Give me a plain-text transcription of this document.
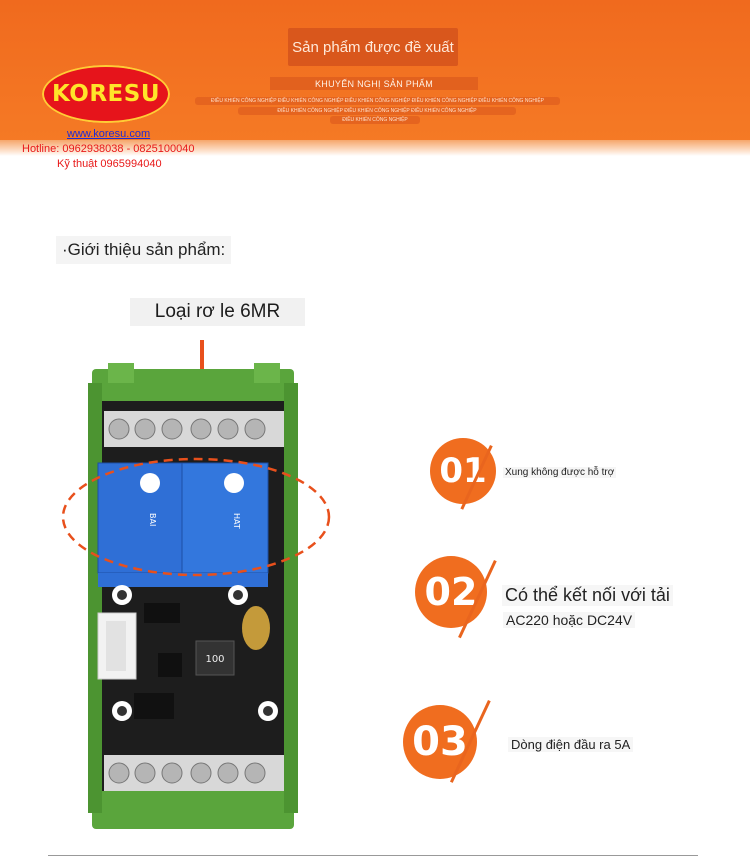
Sản phẩm được đề xuất
KHUYẾN NGHỊ SẢN PHẨM
ĐIỀU KHIỂN CÔNG NGHIỆP ĐIỀU KHIỂN CÔNG NGHIỆP ĐIỀU KHIỂN CÔNG NGHIỆP ĐIỀU KHIỂN CÔNG NGHIỆP ĐIỀU KHIỂN CÔNG NGHIỆP
ĐIỀU KHIỂN CÔNG NGHIỆP ĐIỀU KHIỂN CÔNG NGHIỆP ĐIỀU KHIỂN CÔNG NGHIỆP
ĐIỀU KHIỂN CÔNG NGHIỆP
KORESU
www.koresu.com
Hotline: 0962938038 - 0825100040
Kỹ thuật 0965994040
·Giới thiệu sản phẩm:
Loại rơ le 6MR
BAI	HAT
100
01	Xung không được hỗ trợ
02	Có thể kết nối với tải
AC220 hoặc DC24V
03	Dòng điện đầu ra 5A
